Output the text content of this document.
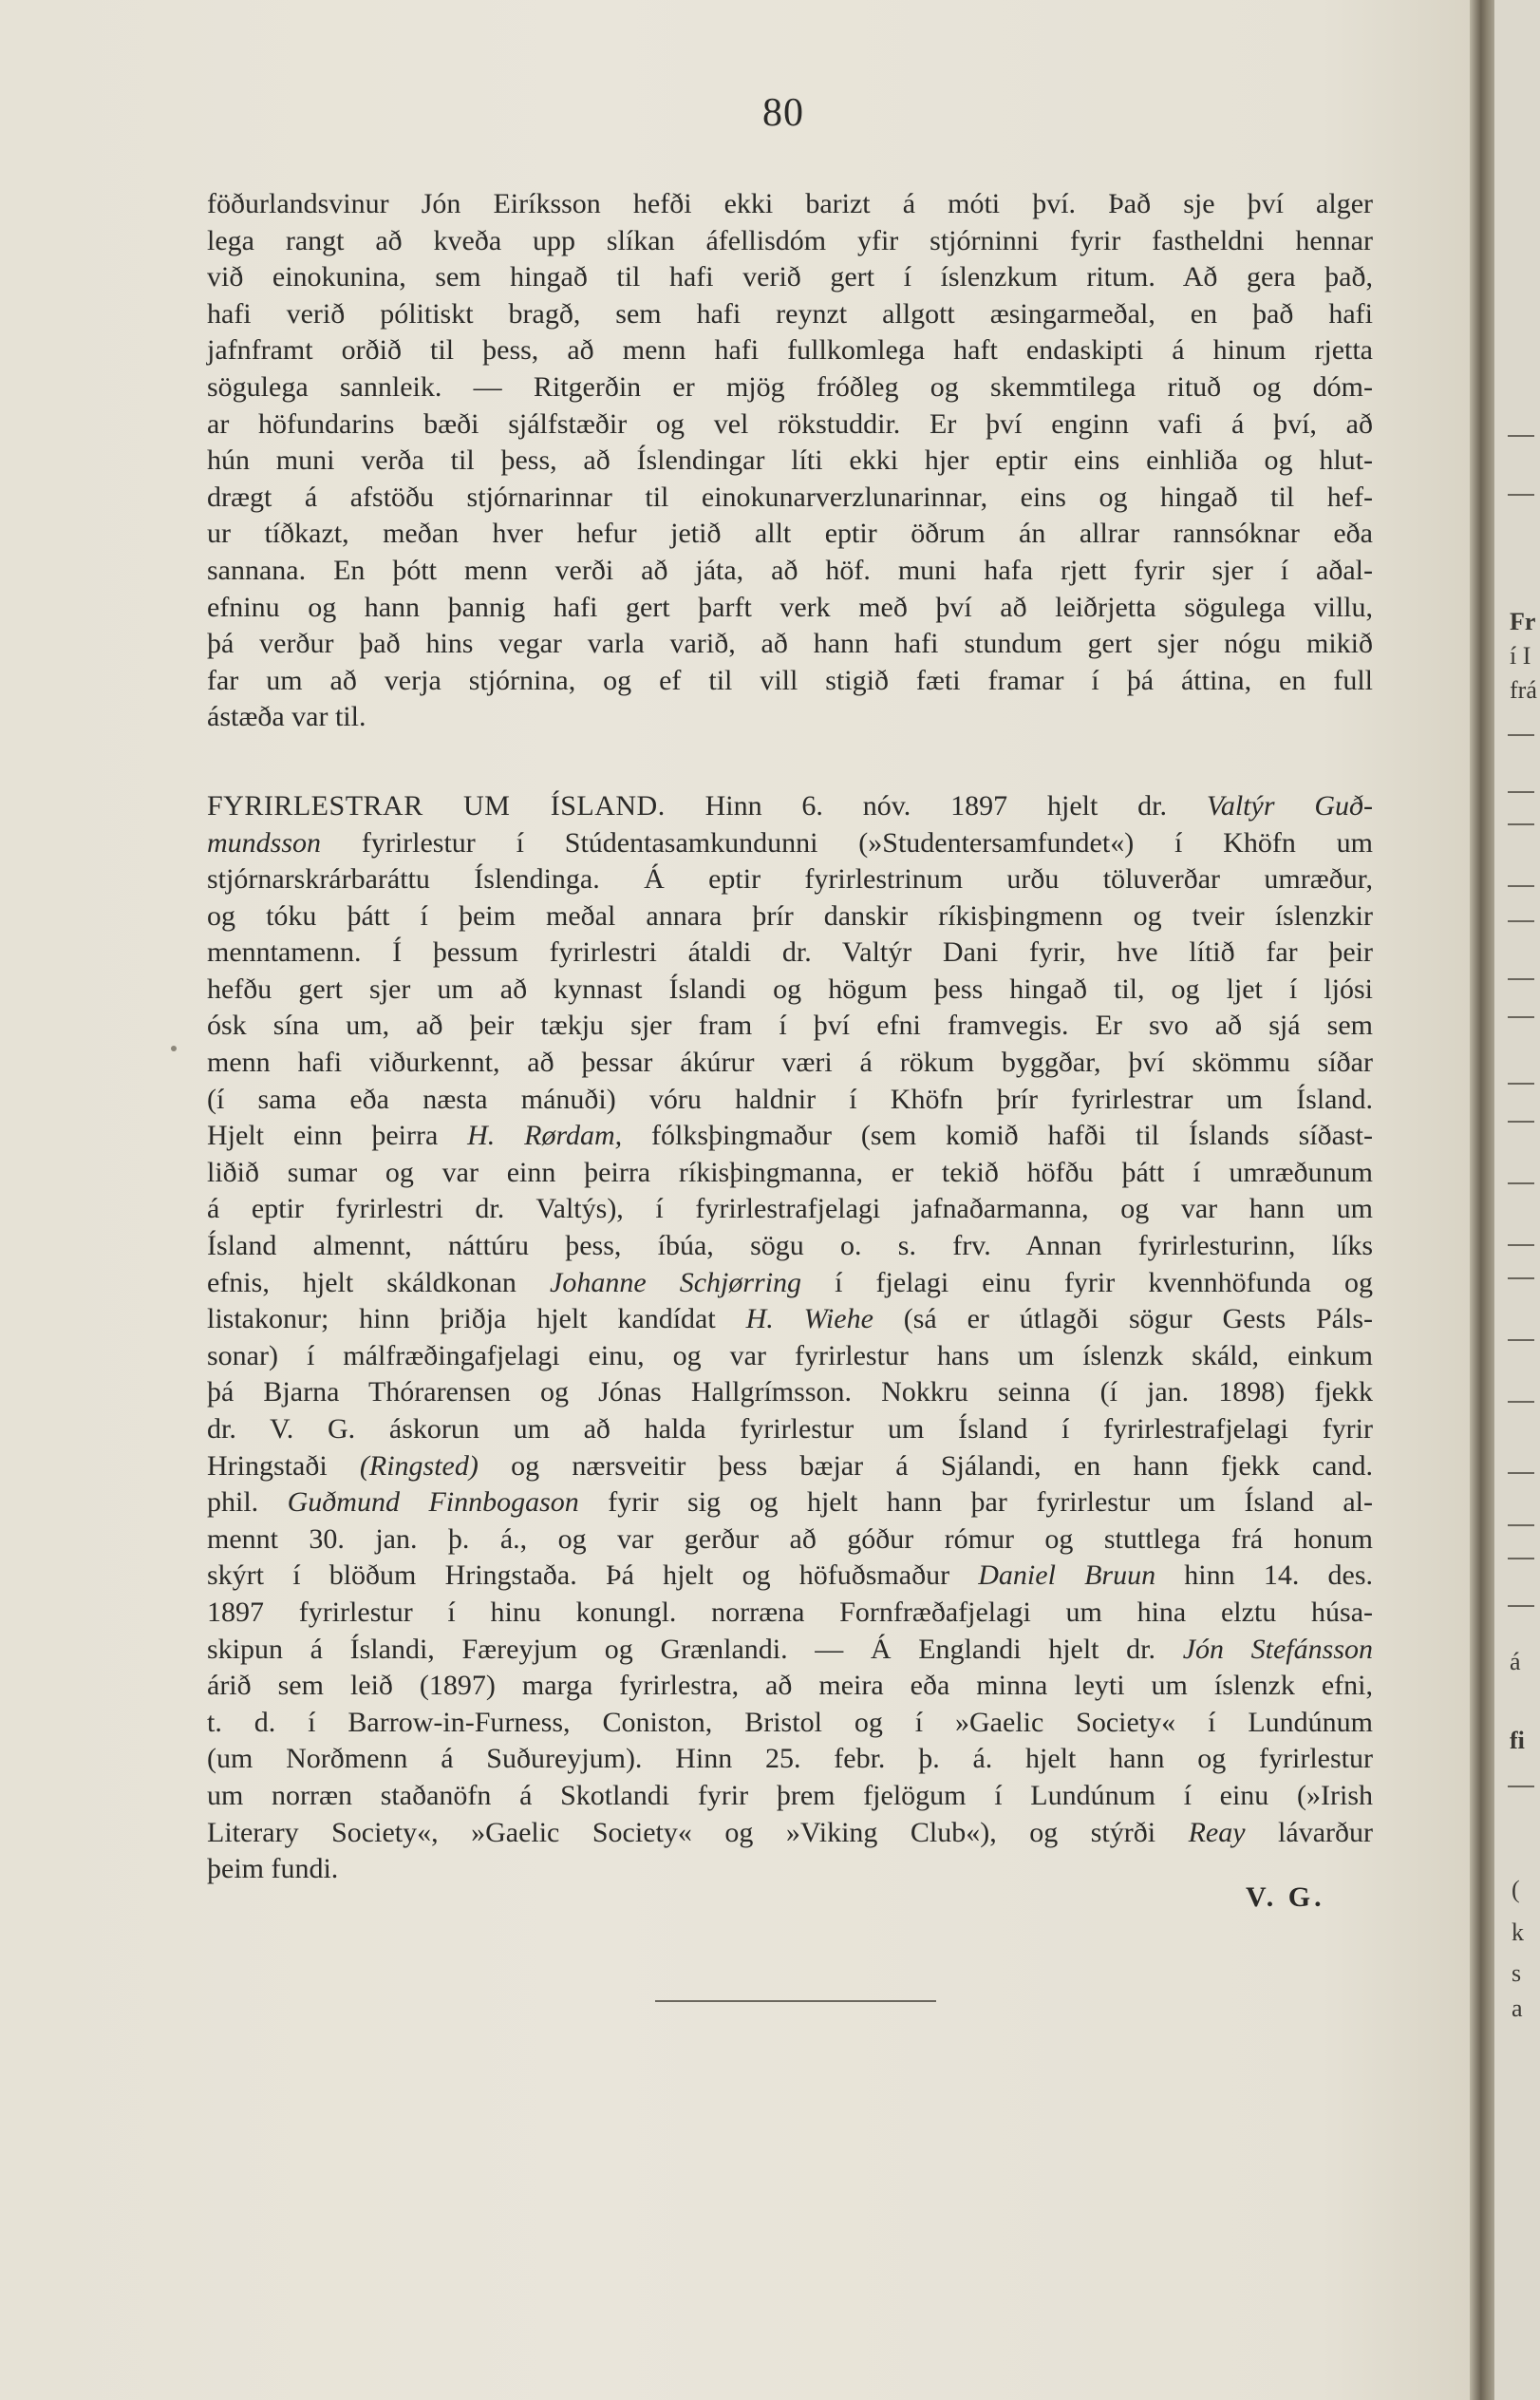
80
föðurlandsvinur Jón Eiríksson hefði ekki barizt á móti því. Það sje því alger
lega rangt að kveða upp slíkan áfellisdóm yfir stjórninni fyrir fastheldni hennar
við einokunina, sem hingað til hafi verið gert í íslenzkum ritum. Að gera það,
hafi verið pólitiskt bragð, sem hafi reynzt allgott æsingarmeðal, en það hafi
jafnframt orðið til þess, að menn hafi fullkomlega haft endaskipti á hinum rjetta
sögulega sannleik. — Ritgerðin er mjög fróðleg og skemmtilega rituð og dóm-
ar höfundarins bæði sjálfstæðir og vel rökstuddir. Er því enginn vafi á því, að
hún muni verða til þess, að Íslendingar líti ekki hjer eptir eins einhliða og hlut-
drægt á afstöðu stjórnarinnar til einokunarverzlunarinnar, eins og hingað til hef-
ur tíðkazt, meðan hver hefur jetið allt eptir öðrum án allrar rannsóknar eða
sannana. En þótt menn verði að játa, að höf. muni hafa rjett fyrir sjer í aðal-
efninu og hann þannig hafi gert þarft verk með því að leiðrjetta sögulega villu,
þá verður það hins vegar varla varið, að hann hafi stundum gert sjer nógu mikið
far um að verja stjórnina, og ef til vill stigið fæti framar í þá áttina, en full
ástæða var til.
FYRIRLESTRAR UM ÍSLAND. Hinn 6. nóv. 1897 hjelt dr. Valtýr Guð-
mundsson fyrirlestur í Stúdentasamkundunni (»Studentersamfundet«) í Khöfn um
stjórnarskrárbaráttu Íslendinga. Á eptir fyrirlestrinum urðu töluverðar umræður,
og tóku þátt í þeim meðal annara þrír danskir ríkisþingmenn og tveir íslenzkir
menntamenn. Í þessum fyrirlestri átaldi dr. Valtýr Dani fyrir, hve lítið far þeir
hefðu gert sjer um að kynnast Íslandi og högum þess hingað til, og ljet í ljósi
ósk sína um, að þeir tækju sjer fram í því efni framvegis. Er svo að sjá sem
menn hafi viðurkennt, að þessar ákúrur væri á rökum byggðar, því skömmu síðar
(í sama eða næsta mánuði) vóru haldnir í Khöfn þrír fyrirlestrar um Ísland.
Hjelt einn þeirra H. Rørdam, fólksþingmaður (sem komið hafði til Íslands síðast-
liðið sumar og var einn þeirra ríkisþingmanna, er tekið höfðu þátt í umræðunum
á eptir fyrirlestri dr. Valtýs), í fyrirlestrafjelagi jafnaðarmanna, og var hann um
Ísland almennt, náttúru þess, íbúa, sögu o. s. frv. Annan fyrirlesturinn, líks
efnis, hjelt skáldkonan Johanne Schjørring í fjelagi einu fyrir kvennhöfunda og
listakonur; hinn þriðja hjelt kandídat H. Wiehe (sá er útlagði sögur Gests Páls-
sonar) í málfræðingafjelagi einu, og var fyrirlestur hans um íslenzk skáld, einkum
þá Bjarna Thórarensen og Jónas Hallgrímsson. Nokkru seinna (í jan. 1898) fjekk
dr. V. G. áskorun um að halda fyrirlestur um Ísland í fyrirlestrafjelagi fyrir
Hringstaði (Ringsted) og nærsveitir þess bæjar á Sjálandi, en hann fjekk cand.
phil. Guðmund Finnbogason fyrir sig og hjelt hann þar fyrirlestur um Ísland al-
mennt 30. jan. þ. á., og var gerður að góður rómur og stuttlega frá honum
skýrt í blöðum Hringstaða. Þá hjelt og höfuðsmaður Daniel Bruun hinn 14. des.
1897 fyrirlestur í hinu konungl. norræna Fornfræðafjelagi um hina elztu húsa-
skipun á Íslandi, Færeyjum og Grænlandi. — Á Englandi hjelt dr. Jón Stefánsson
árið sem leið (1897) marga fyrirlestra, að meira eða minna leyti um íslenzk efni,
t. d. í Barrow-in-Furness, Coniston, Bristol og í »Gaelic Society« í Lundúnum
(um Norðmenn á Suðureyjum). Hinn 25. febr. þ. á. hjelt hann og fyrirlestur
um norræn staðanöfn á Skotlandi fyrir þrem fjelögum í Lundúnum í einu (»Irish
Literary Society«, »Gaelic Society« og »Viking Club«), og stýrði Reay lávarður
þeim fundi.
V. G.
Fr
í I
frá
á
fi
(
k
s
a
